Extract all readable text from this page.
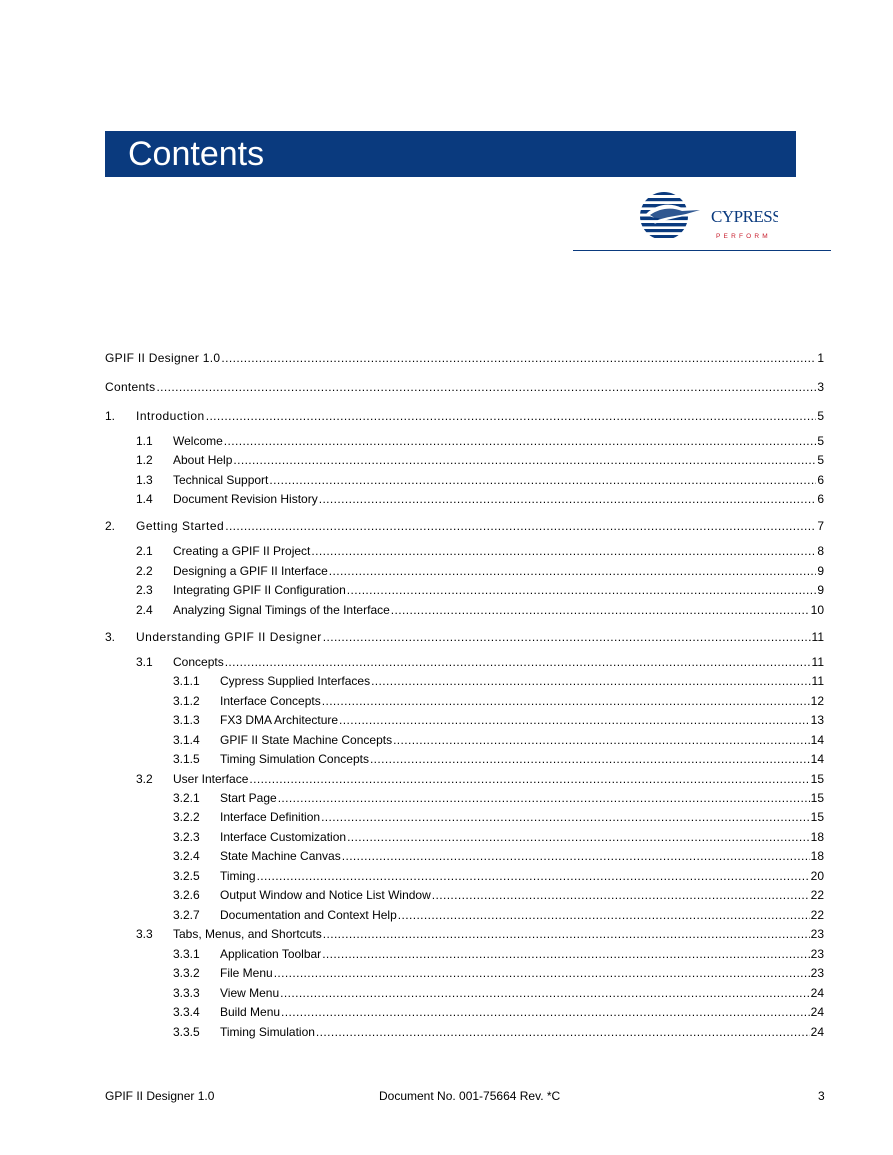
Contents
CYPRESS
PERFORM
GPIF II Designer 1.0 .....	1
Contents .....	3
1.	Introduction .....	5
1.1	Welcome .....	5
1.2	About Help .....	5
1.3	Technical Support .....	6
1.4	Document Revision History .....	6
2.	Getting Started .....	7
2.1	Creating a GPIF II Project .....	8
2.2	Designing a GPIF II Interface .....	9
2.3	Integrating GPIF II Configuration .....	9
2.4	Analyzing Signal Timings of the Interface .....	10
3.	Understanding GPIF II Designer .....	11
3.1	Concepts .....	11
3.1.1	Cypress Supplied Interfaces .....	11
3.1.2	Interface Concepts .....	12
3.1.3	FX3 DMA Architecture .....	13
3.1.4	GPIF II State Machine Concepts .....	14
3.1.5	Timing Simulation Concepts .....	14
3.2	User Interface .....	15
3.2.1	Start Page .....	15
3.2.2	Interface Definition .....	15
3.2.3	Interface Customization .....	18
3.2.4	State Machine Canvas .....	18
3.2.5	Timing .....	20
3.2.6	Output Window and Notice List Window .....	22
3.2.7	Documentation and Context Help .....	22
3.3	Tabs, Menus, and Shortcuts .....	23
3.3.1	Application Toolbar .....	23
3.3.2	File Menu .....	23
3.3.3	View Menu .....	24
3.3.4	Build Menu .....	24
3.3.5	Timing Simulation .....	24
GPIF II Designer 1.0	Document No. 001-75664 Rev. *C	3
